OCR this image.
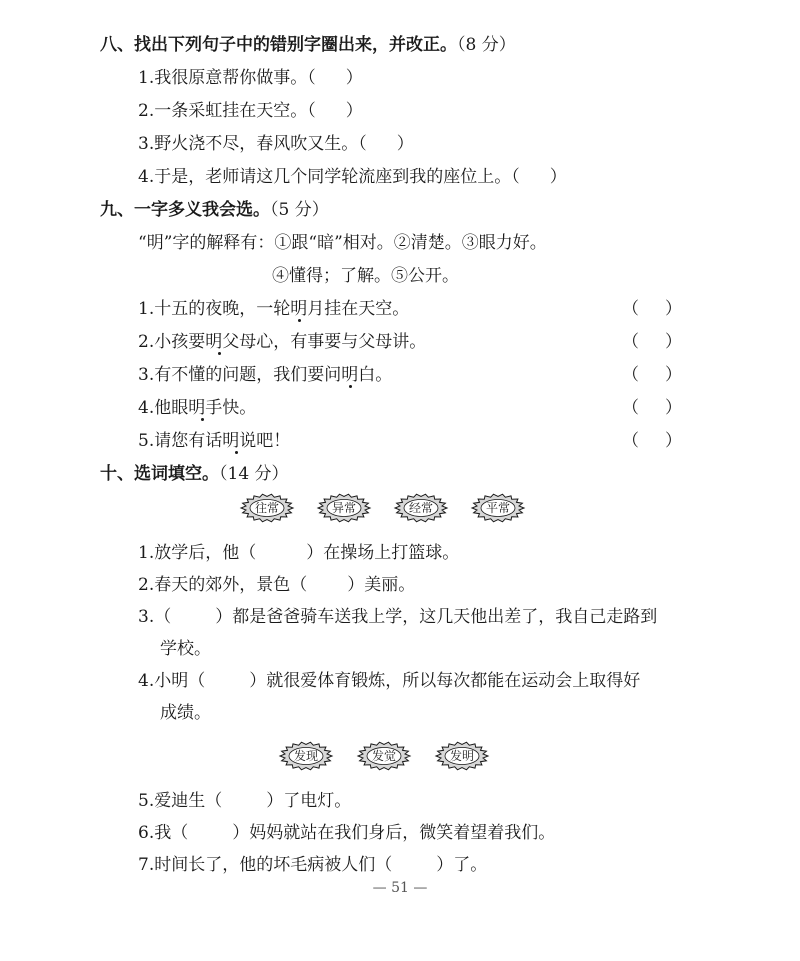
八、找出下列句子中的错别字圈出来，并改正。（8 分）
1.我很原意帮你做事。（ ）
2.一条采虹挂在天空。（ ）
3.野火浇不尽，春风吹又生。（ ）
4.于是，老师请这几个同学轮流座到我的座位上。（ ）
九、一字多义我会选。（5 分）
“明”字的解释有：①跟“暗”相对。②清楚。③眼力好。
④懂得；了解。⑤公开。
1.十五的夜晚，一轮明月挂在天空。	（ ）
2.小孩要明父母心，有事要与父母讲。	（ ）
3.有不懂的问题，我们要问明白。	（ ）
4.他眼明手快。	（ ）
5.请您有话明说吧！	（ ）
十、选词填空。（14 分）
往常	异常	经常	平常
1.放学后，他（	）在操场上打篮球。
2.春天的郊外，景色（ ）美丽。
3.（	）都是爸爸骑车送我上学，这几天他出差了，我自己走路到
学校。
4.小明（	）就很爱体育锻炼，所以每次都能在运动会上取得好
成绩。
发现	发觉	发明
5.爱迪生（	）了电灯。
6.我（	）妈妈就站在我们身后，微笑着望着我们。
7.时间长了，他的坏毛病被人们（	）了。
— 51 —
